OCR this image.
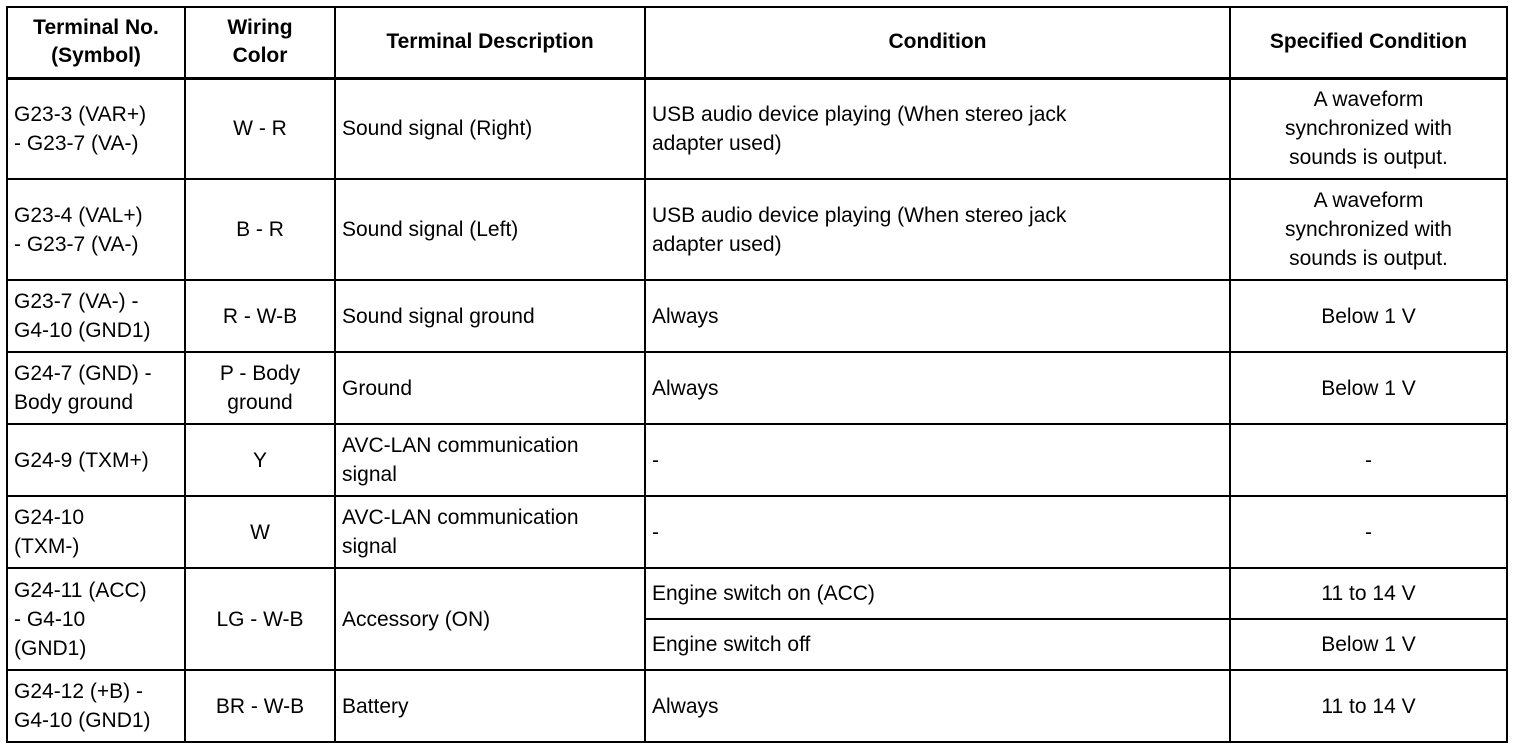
Terminal No.
(Symbol)	Wiring
Color	Terminal Description	Condition	Specified Condition

G23-3 (VAR+)
- G23-7 (VA-)	W - R	Sound signal (Right)	USB audio device playing (When stereo jack
adapter used)	A waveform
synchronized with
sounds is output.

G23-4 (VAL+)
- G23-7 (VA-)	B - R	Sound signal (Left)	USB audio device playing (When stereo jack
adapter used)	A waveform
synchronized with
sounds is output.

G23-7 (VA-) -
G4-10 (GND1)	R - W-B	Sound signal ground	Always	Below 1 V

G24-7 (GND) -
Body ground	P - Body
ground	Ground	Always	Below 1 V

G24-9 (TXM+)	Y	AVC-LAN communication
signal	-	-

G24-10
(TXM-)	W	AVC-LAN communication
signal	-	-

G24-11 (ACC)
- G4-10
(GND1)	LG - W-B	Accessory (ON)	Engine switch on (ACC)	11 to 14 V

			Engine switch off	Below 1 V

G24-12 (+B) -
G4-10 (GND1)	BR - W-B	Battery	Always	11 to 14 V
